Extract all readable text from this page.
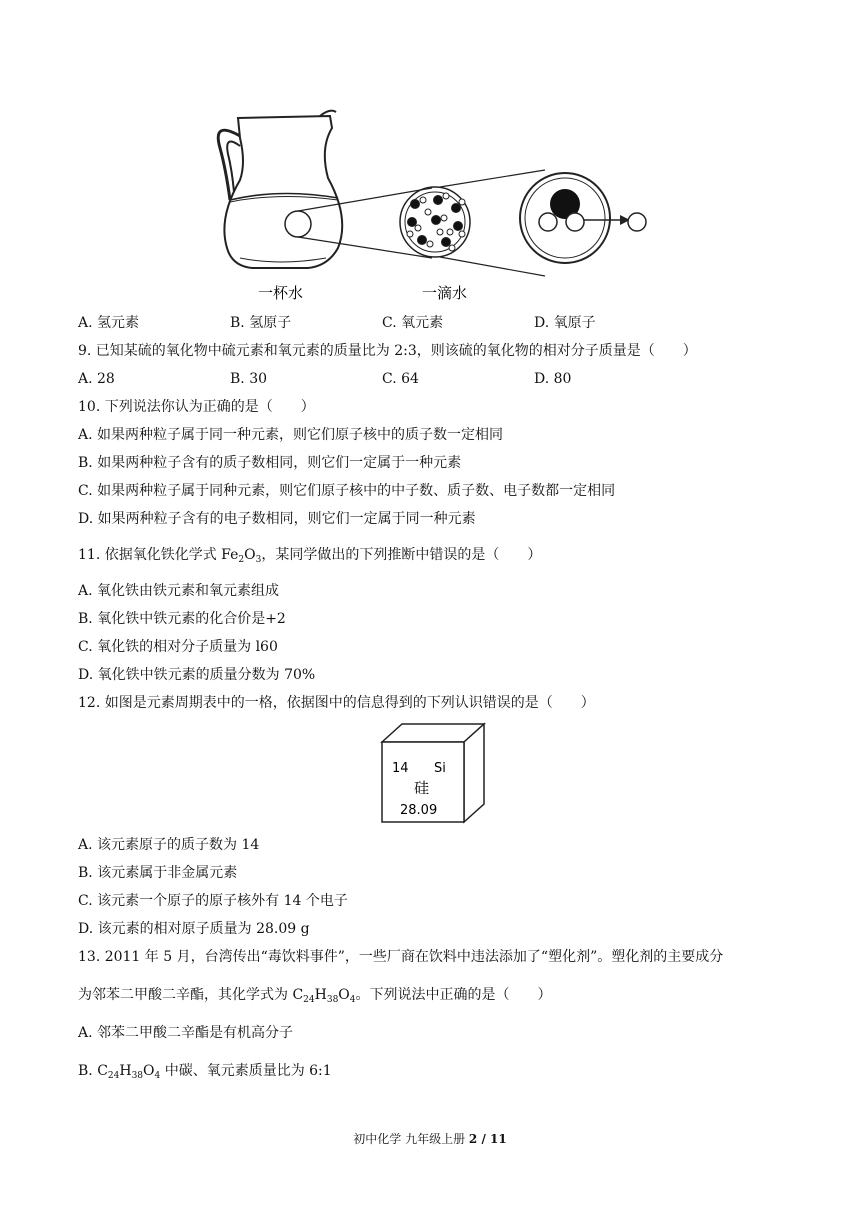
一杯水	一滴水
A. 氢元素	B. 氢原子	C. 氧元素	D. 氧原子
9. 已知某硫的氧化物中硫元素和氧元素的质量比为 2:3，则该硫的氧化物的相对分子质量是（　　）
A. 28	B. 30	C. 64	D. 80
10. 下列说法你认为正确的是（　　）
A. 如果两种粒子属于同一种元素，则它们原子核中的质子数一定相同
B. 如果两种粒子含有的质子数相同，则它们一定属于一种元素
C. 如果两种粒子属于同种元素，则它们原子核中的中子数、质子数、电子数都一定相同
D. 如果两种粒子含有的电子数相同，则它们一定属于同一种元素
11. 依据氧化铁化学式 $Fe_2O_3$，某同学做出的下列推断中错误的是（　　）
A. 氧化铁由铁元素和氧元素组成
B. 氧化铁中铁元素的化合价是+2
C. 氧化铁的相对分子质量为 l60
D. 氧化铁中铁元素的质量分数为 70%
12. 如图是元素周期表中的一格，依据图中的信息得到的下列认识错误的是（　　）
14 Si
硅
28.09
A. 该元素原子的质子数为 14
B. 该元素属于非金属元素
C. 该元素一个原子的原子核外有 14 个电子
D. 该元素的相对原子质量为 28.09 g
13. 2011 年 5 月，台湾传出“毒饮料事件”，一些厂商在饮料中违法添加了“塑化剂”。塑化剂的主要成分
为邻苯二甲酸二辛酯，其化学式为 $C_{24}H_{38}O_4$。下列说法中正确的是（　　）
A. 邻苯二甲酸二辛酯是有机高分子
B. $C_{24}H_{38}O_4$ 中碳、氧元素质量比为 6:1
初中化学 九年级上册 2 / 11
